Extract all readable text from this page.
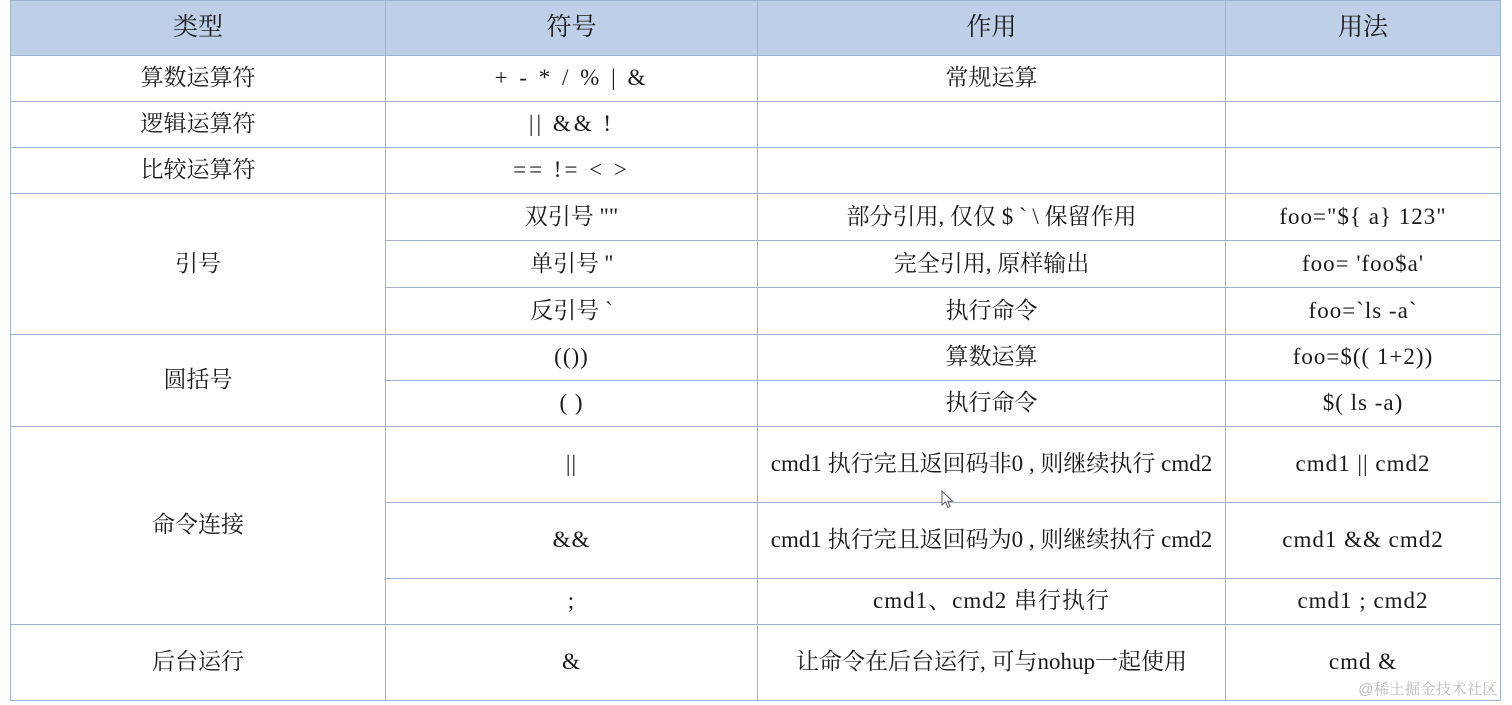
类型	符号	作用	用法
算数运算符	+ - * / % | &	常规运算	
逻辑运算符	|| && !		
比较运算符	== != < >		
引号	双引号 ""	部分引用, 仅仅 $ ` \ 保留作用	foo="${ a} 123"
	单引号 ''	完全引用, 原样输出	foo= 'foo$a'
	反引号 `	执行命令	foo=`ls -a`
圆括号	(())	算数运算	foo=$(( 1+2))
	( )	执行命令	$( ls -a)
命令连接	||	cmd1 执行完且返回码非0 , 则继续执行 cmd2	cmd1 || cmd2
	&&	cmd1 执行完且返回码为0 , 则继续执行 cmd2	cmd1 && cmd2
	;	cmd1、cmd2 串行执行	cmd1 ; cmd2
后台运行	&	让命令在后台运行, 可与nohup一起使用	cmd &
@稀土掘金技术社区
